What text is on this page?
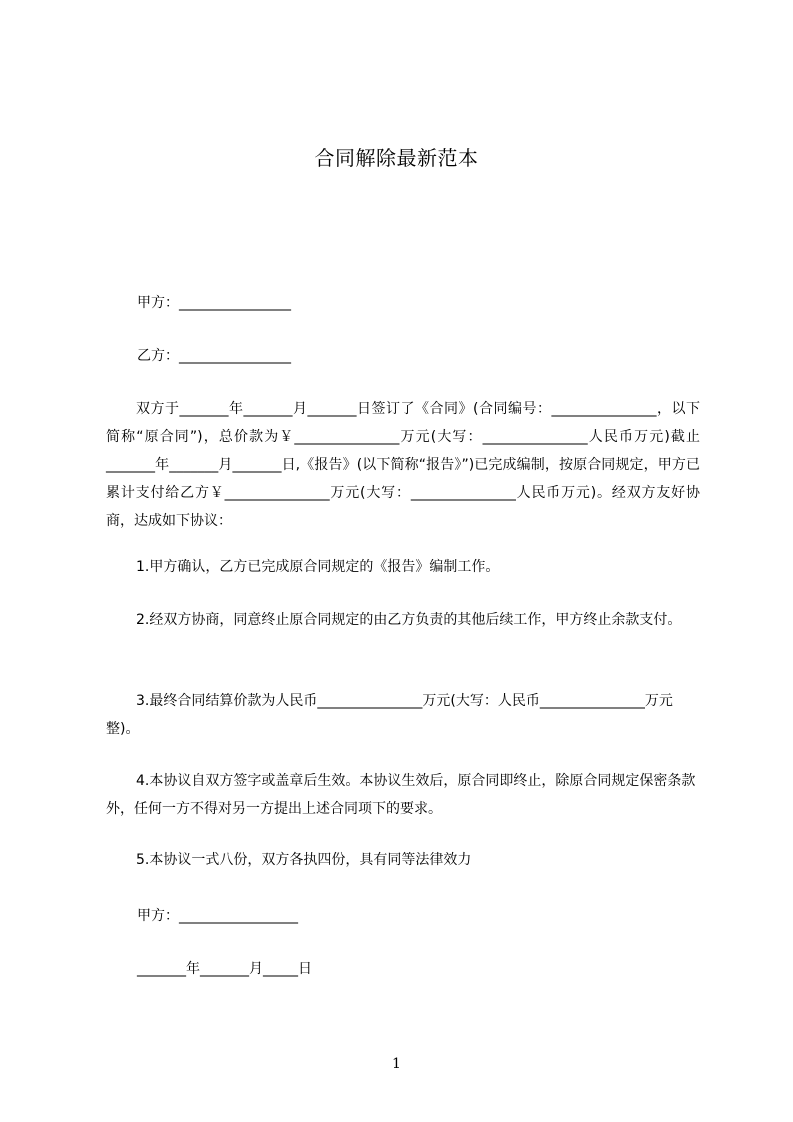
合同解除最新范本
甲方：________________
乙方：________________
双方于_______年_______月_______日签订了《合同》(合同编号：_______________，以下简称“原合同”)，总价款为￥_______________万元(大写：_______________人民币万元)截止_______年_______月_______日,《报告》(以下简称“报告》”)已完成编制，按原合同规定，甲方已累计支付给乙方￥_______________万元(大写：_______________人民币万元)。经双方友好协商，达成如下协议：
1.甲方确认，乙方已完成原合同规定的《报告》编制工作。
2.经双方协商，同意终止原合同规定的由乙方负责的其他后续工作，甲方终止余款支付。
3.最终合同结算价款为人民币_______________万元(大写：人民币_______________万元整)。
4.本协议自双方签字或盖章后生效。本协议生效后，原合同即终止，除原合同规定保密条款外，任何一方不得对另一方提出上述合同项下的要求。
5.本协议一式八份，双方各执四份，具有同等法律效力
甲方：_________________
_______年_______月_____日
1
